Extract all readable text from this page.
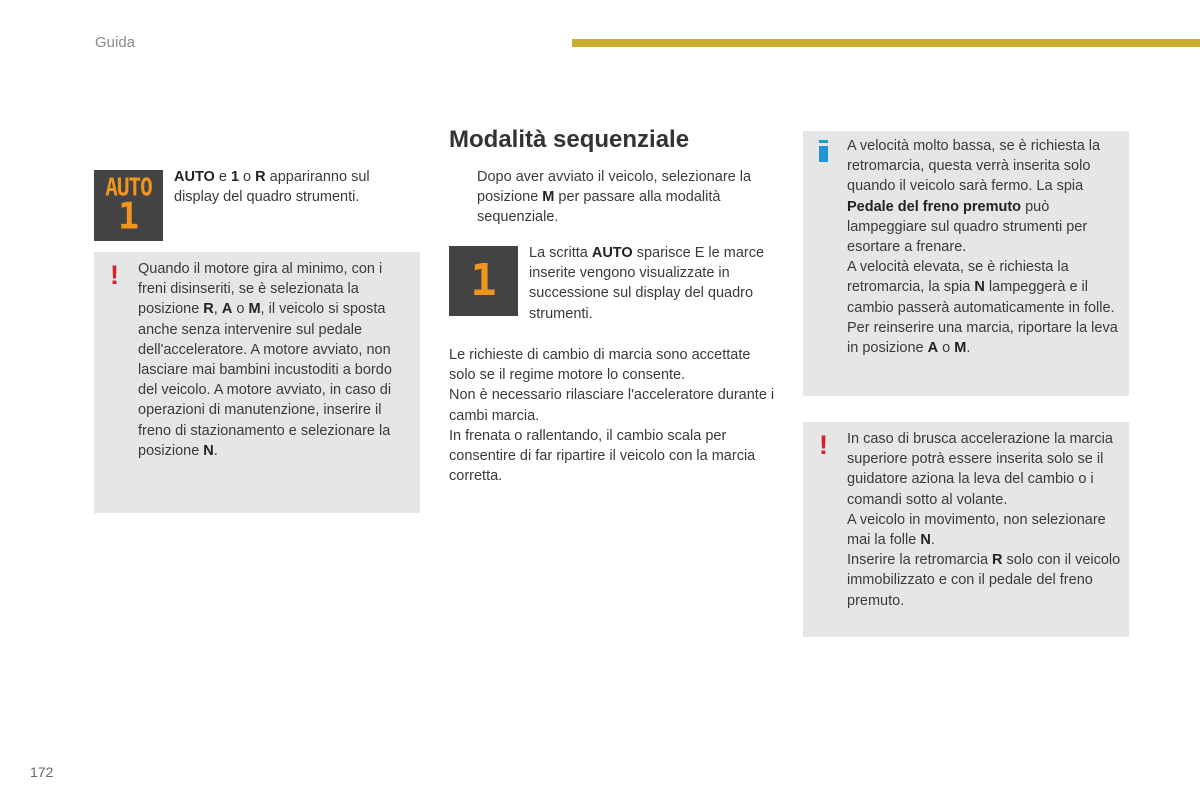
Guida
AUTO
1
AUTO e 1 o R appariranno sul display del quadro strumenti.
! Quando il motore gira al minimo, con i freni disinseriti, se è selezionata la posizione R, A o M, il veicolo si sposta anche senza intervenire sul pedale dell'acceleratore. A motore avviato, non lasciare mai bambini incustoditi a bordo del veicolo. A motore avviato, in caso di operazioni di manutenzione, inserire il freno di stazionamento e selezionare la posizione N.
Modalità sequenziale
Dopo aver avviato il veicolo, selezionare la posizione M per passare alla modalità sequenziale.
1
La scritta AUTO sparisce E le marce inserite vengono visualizzate in successione sul display del quadro strumenti.
Le richieste di cambio di marcia sono accettate solo se il regime motore lo consente.
Non è necessario rilasciare l'acceleratore durante i cambi marcia.
In frenata o rallentando, il cambio scala per consentire di far ripartire il veicolo con la marcia corretta.
A velocità molto bassa, se è richiesta la retromarcia, questa verrà inserita solo quando il veicolo sarà fermo. La spia Pedale del freno premuto può lampeggiare sul quadro strumenti per esortare a frenare.
A velocità elevata, se è richiesta la retromarcia, la spia N lampeggerà e il cambio passerà automaticamente in folle. Per reinserire una marcia, riportare la leva in posizione A o M.
! In caso di brusca accelerazione la marcia superiore potrà essere inserita solo se il guidatore aziona la leva del cambio o i comandi sotto al volante.
A veicolo in movimento, non selezionare mai la folle N.
Inserire la retromarcia R solo con il veicolo immobilizzato e con il pedale del freno premuto.
172
